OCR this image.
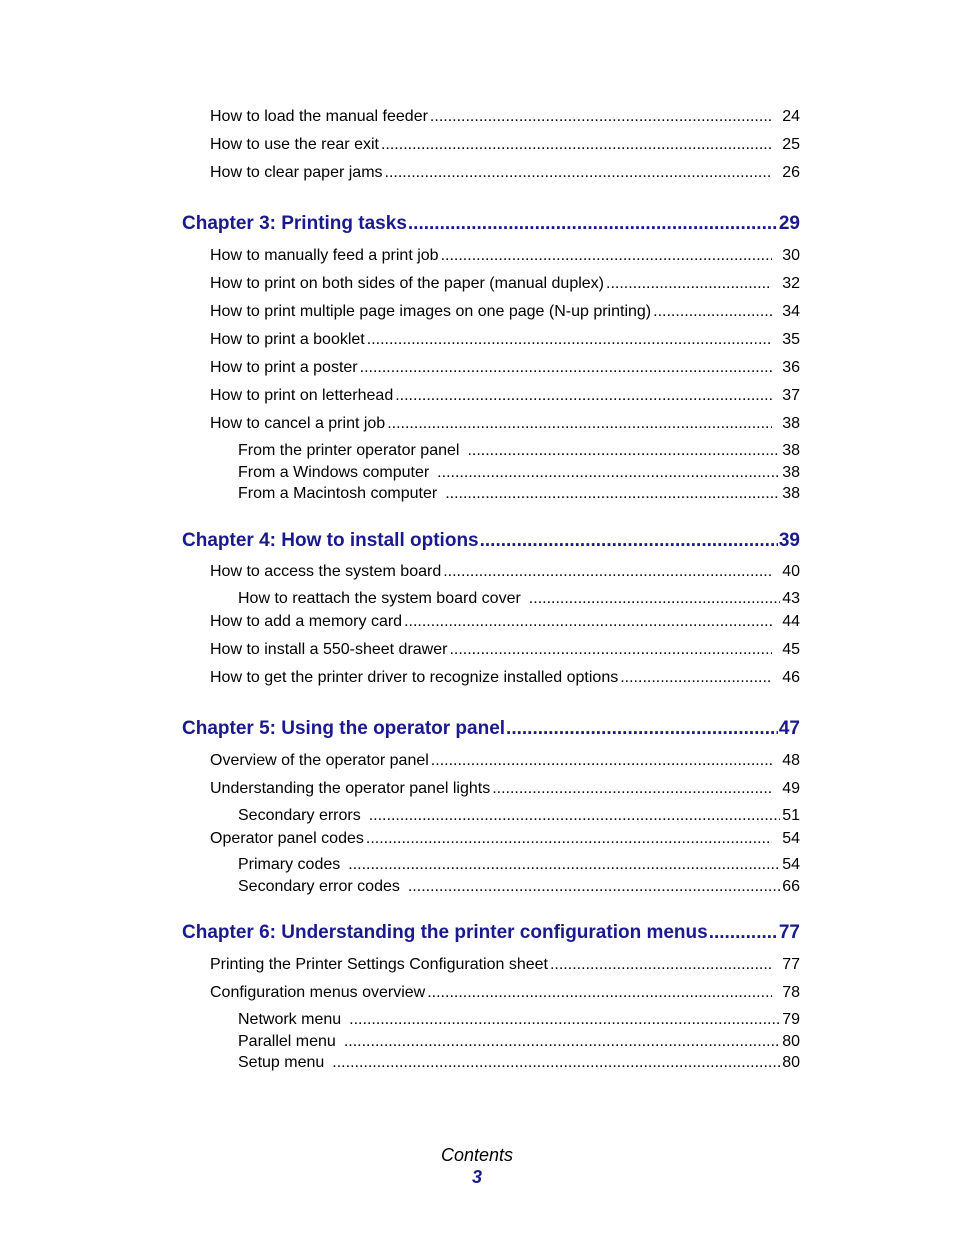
How to load the manual feeder .....	24
How to use the rear exit .....	25
How to clear paper jams .....	26
Chapter 3: Printing tasks .....	29
How to manually feed a print job .....	30
How to print on both sides of the paper (manual duplex) .....	32
How to print multiple page images on one page (N-up printing) .....	34
How to print a booklet .....	35
How to print a poster .....	36
How to print on letterhead .....	37
How to cancel a print job .....	38
From the printer operator panel .....	38
From a Windows computer .....	38
From a Macintosh computer .....	38
Chapter 4: How to install options .....	39
How to access the system board .....	40
How to reattach the system board cover .....	43
How to add a memory card .....	44
How to install a 550-sheet drawer .....	45
How to get the printer driver to recognize installed options .....	46
Chapter 5: Using the operator panel .....	47
Overview of the operator panel .....	48
Understanding the operator panel lights .....	49
Secondary errors .....	51
Operator panel codes .....	54
Primary codes .....	54
Secondary error codes .....	66
Chapter 6: Understanding the printer configuration menus .....	77
Printing the Printer Settings Configuration sheet .....	77
Configuration menus overview .....	78
Network menu .....	79
Parallel menu .....	80
Setup menu .....	80
Contents
3
